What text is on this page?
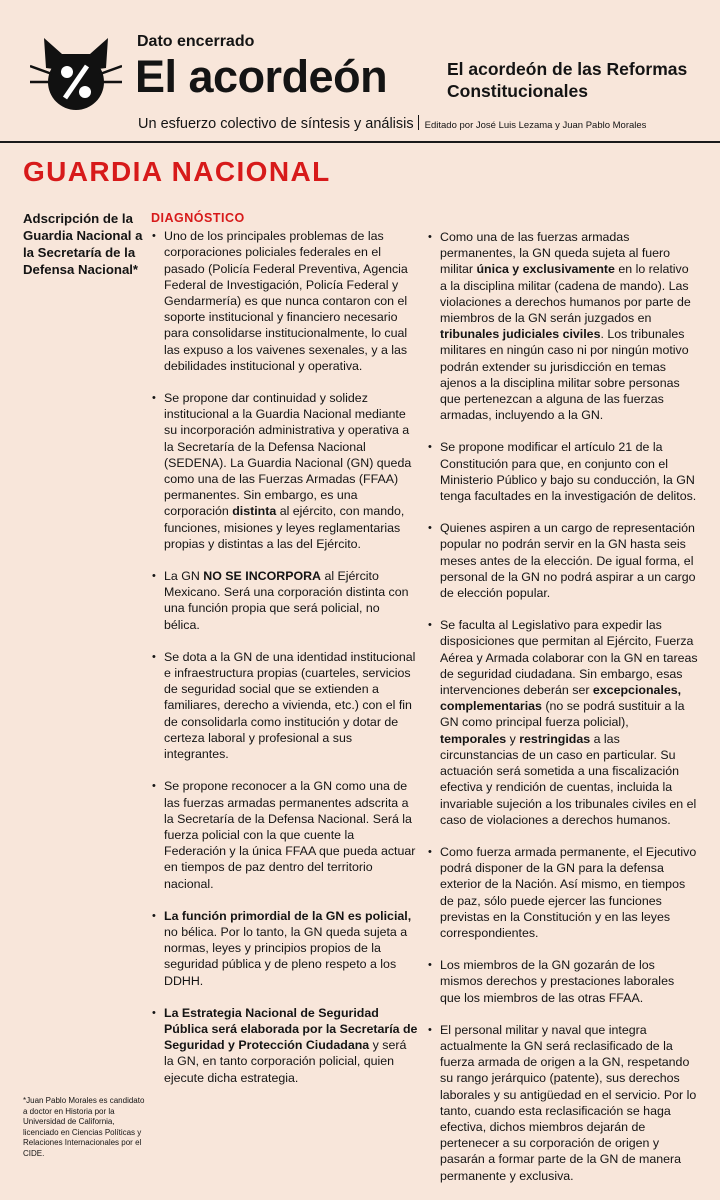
Dato encerrado
El acordeón	El acordeón de las Reformas Constitucionales
Un esfuerzo colectivo de síntesis y análisis Editado por José Luis Lezama y Juan Pablo Morales
GUARDIA NACIONAL
Adscripción de la Guardia Nacional a la Secretaría de la Defensa Nacional*
*Juan Pablo Morales es candidato a doctor en Historia por la Universidad de California, licenciado en Ciencias Políticas y Relaciones Internacionales por el CIDE.
DIAGNÓSTICO
• Uno de los principales problemas de las corporaciones policiales federales en el pasado (Policía Federal Preventiva, Agencia Federal de Investigación, Policía Federal y Gendarmería) es que nunca contaron con el soporte institucional y financiero necesario para consolidarse institucionalmente, lo cual las expuso a los vaivenes sexenales, y a las debilidades institucional y operativa.
• Se propone dar continuidad y solidez institucional a la Guardia Nacional mediante su incorporación administrativa y operativa a la Secretaría de la Defensa Nacional (SEDENA). La Guardia Nacional (GN) queda como una de las Fuerzas Armadas (FFAA) permanentes. Sin embargo, es una corporación distinta al ejército, con mando, funciones, misiones y leyes reglamentarias propias y distintas a las del Ejército.
• La GN NO SE INCORPORA al Ejército Mexicano. Será una corporación distinta con una función propia que será policial, no bélica.
• Se dota a la GN de una identidad institucional e infraestructura propias (cuarteles, servicios de seguridad social que se extienden a familiares, derecho a vivienda, etc.) con el fin de consolidarla como institución y dotar de certeza laboral y profesional a sus integrantes.
• Se propone reconocer a la GN como una de las fuerzas armadas permanentes adscrita a la Secretaría de la Defensa Nacional. Será la fuerza policial con la que cuente la Federación y la única FFAA que pueda actuar en tiempos de paz dentro del territorio nacional.
• La función primordial de la GN es policial, no bélica. Por lo tanto, la GN queda sujeta a normas, leyes y principios propios de la seguridad pública y de pleno respeto a los DDHH.
• La Estrategia Nacional de Seguridad Pública será elaborada por la Secretaría de Seguridad y Protección Ciudadana y será la GN, en tanto corporación policial, quien ejecute dicha estrategia.
• Como una de las fuerzas armadas permanentes, la GN queda sujeta al fuero militar única y exclusivamente en lo relativo a la disciplina militar (cadena de mando). Las violaciones a derechos humanos por parte de miembros de la GN serán juzgados en tribunales judiciales civiles. Los tribunales militares en ningún caso ni por ningún motivo podrán extender su jurisdicción en temas ajenos a la disciplina militar sobre personas que pertenezcan a alguna de las fuerzas armadas, incluyendo a la GN.
• Se propone modificar el artículo 21 de la Constitución para que, en conjunto con el Ministerio Público y bajo su conducción, la GN tenga facultades en la investigación de delitos.
• Quienes aspiren a un cargo de representación popular no podrán servir en la GN hasta seis meses antes de la elección. De igual forma, el personal de la GN no podrá aspirar a un cargo de elección popular.
• Se faculta al Legislativo para expedir las disposiciones que permitan al Ejército, Fuerza Aérea y Armada colaborar con la GN en tareas de seguridad ciudadana. Sin embargo, esas intervenciones deberán ser excepcionales, complementarias (no se podrá sustituir a la GN como principal fuerza policial), temporales y restringidas a las circunstancias de un caso en particular. Su actuación será sometida a una fiscalización efectiva y rendición de cuentas, incluida la invariable sujeción a los tribunales civiles en el caso de violaciones a derechos humanos.
• Como fuerza armada permanente, el Ejecutivo podrá disponer de la GN para la defensa exterior de la Nación. Así mismo, en tiempos de paz, sólo puede ejercer las funciones previstas en la Constitución y en las leyes correspondientes.
• Los miembros de la GN gozarán de los mismos derechos y prestaciones laborales que los miembros de las otras FFAA.
• El personal militar y naval que integra actualmente la GN será reclasificado de la fuerza armada de origen a la GN, respetando su rango jerárquico (patente), sus derechos laborales y su antigüedad en el servicio. Por lo tanto, cuando esta reclasificación se haga efectiva, dichos miembros dejarán de pertenecer a su corporación de origen y pasarán a formar parte de la GN de manera permanente y exclusiva.
